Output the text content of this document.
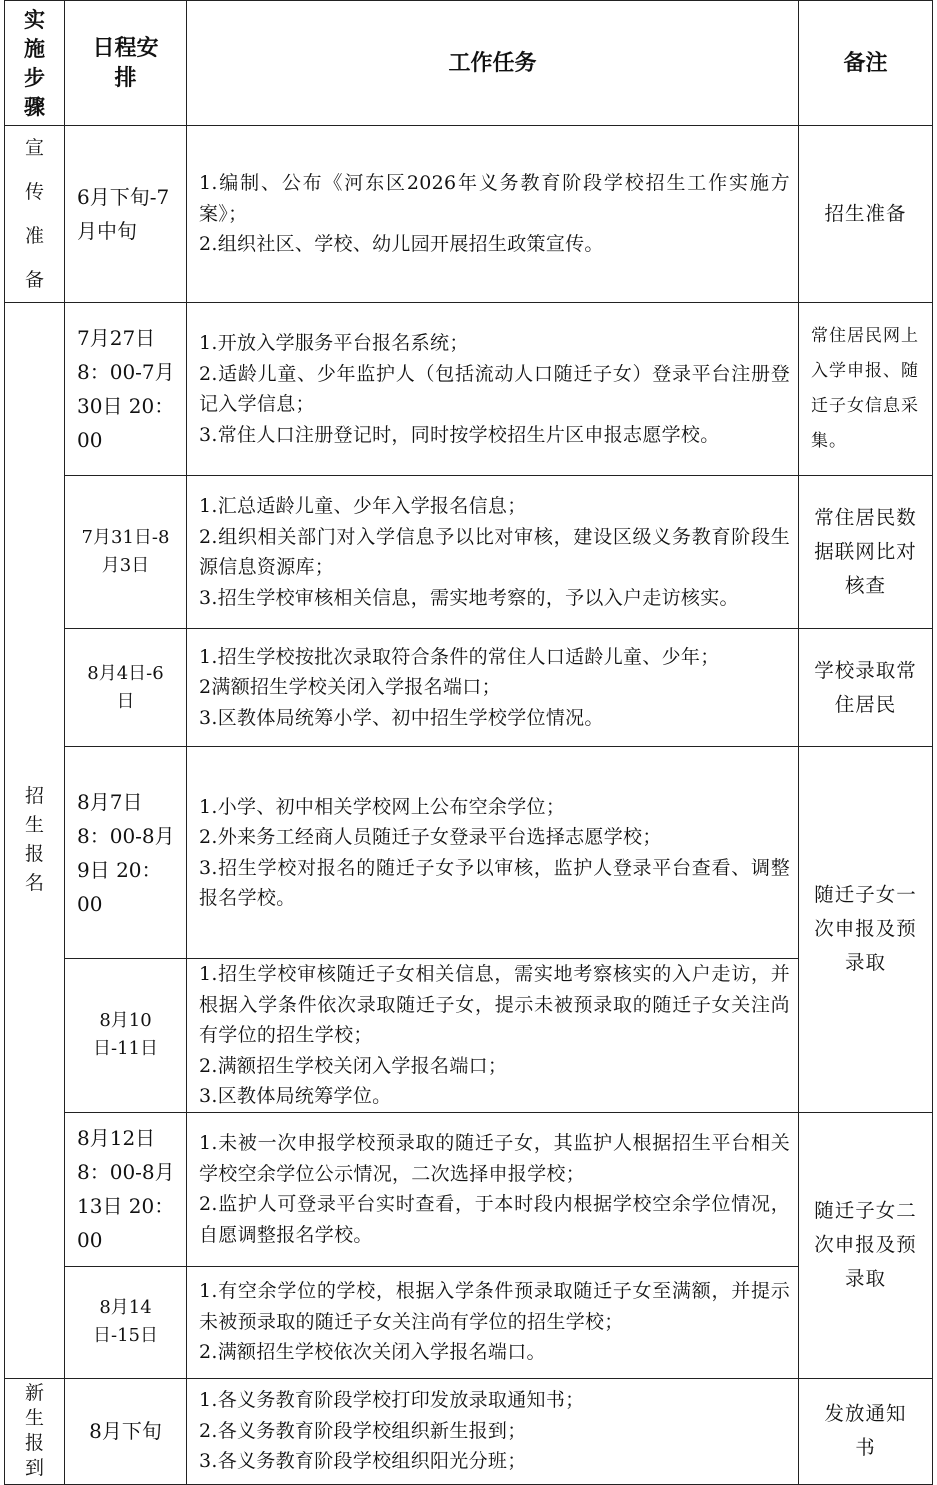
实施步骤	日程安排	工作任务	备注
宣传准备	6月下旬-7月中旬	1.编制、公布《河东区2026年义务教育阶段学校招生工作实施方案》；
2.组织社区、学校、幼儿园开展招生政策宣传。	招生准备
招生报名	7月27日 8：00-7月30日 20：00	1.开放入学服务平台报名系统；
2.适龄儿童、少年监护人（包括流动人口随迁子女）登录平台注册登记入学信息；
3.常住人口注册登记时，同时按学校招生片区申报志愿学校。	常住居民网上入学申报、随迁子女信息采集。

	7月31日-8月3日	1.汇总适龄儿童、少年入学报名信息；
2.组织相关部门对入学信息予以比对审核，建设区级义务教育阶段生源信息资源库；
3.招生学校审核相关信息，需实地考察的，予以入户走访核实。	常住居民数据联网比对核查

	8月4日-6日	1.招生学校按批次录取符合条件的常住人口适龄儿童、少年；
2满额招生学校关闭入学报名端口；
3.区教体局统筹小学、初中招生学校学位情况。	学校录取常住居民

	8月7日 8：00-8月9日 20：00	1.小学、初中相关学校网上公布空余学位；
2.外来务工经商人员随迁子女登录平台选择志愿学校；
3.招生学校对报名的随迁子女予以审核，监护人登录平台查看、调整报名学校。	随迁子女一次申报及预录取

	8月10日-11日	1.招生学校审核随迁子女相关信息，需实地考察核实的入户走访，并根据入学条件依次录取随迁子女，提示未被预录取的随迁子女关注尚有学位的招生学校；
2.满额招生学校关闭入学报名端口；
3.区教体局统筹学位。	

	8月12日 8：00-8月13日 20：00	1.未被一次申报学校预录取的随迁子女，其监护人根据招生平台相关学校空余学位公示情况，二次选择申报学校；
2.监护人可登录平台实时查看，于本时段内根据学校空余学位情况，自愿调整报名学校。	随迁子女二次申报及预录取

	8月14日-15日	1.有空余学位的学校，根据入学条件预录取随迁子女至满额，并提示未被预录取的随迁子女关注尚有学位的招生学校；
2.满额招生学校依次关闭入学报名端口。	

新生报到	8月下旬	1.各义务教育阶段学校打印发放录取通知书；
2.各义务教育阶段学校组织新生报到；
3.各义务教育阶段学校组织阳光分班；	发放通知书
